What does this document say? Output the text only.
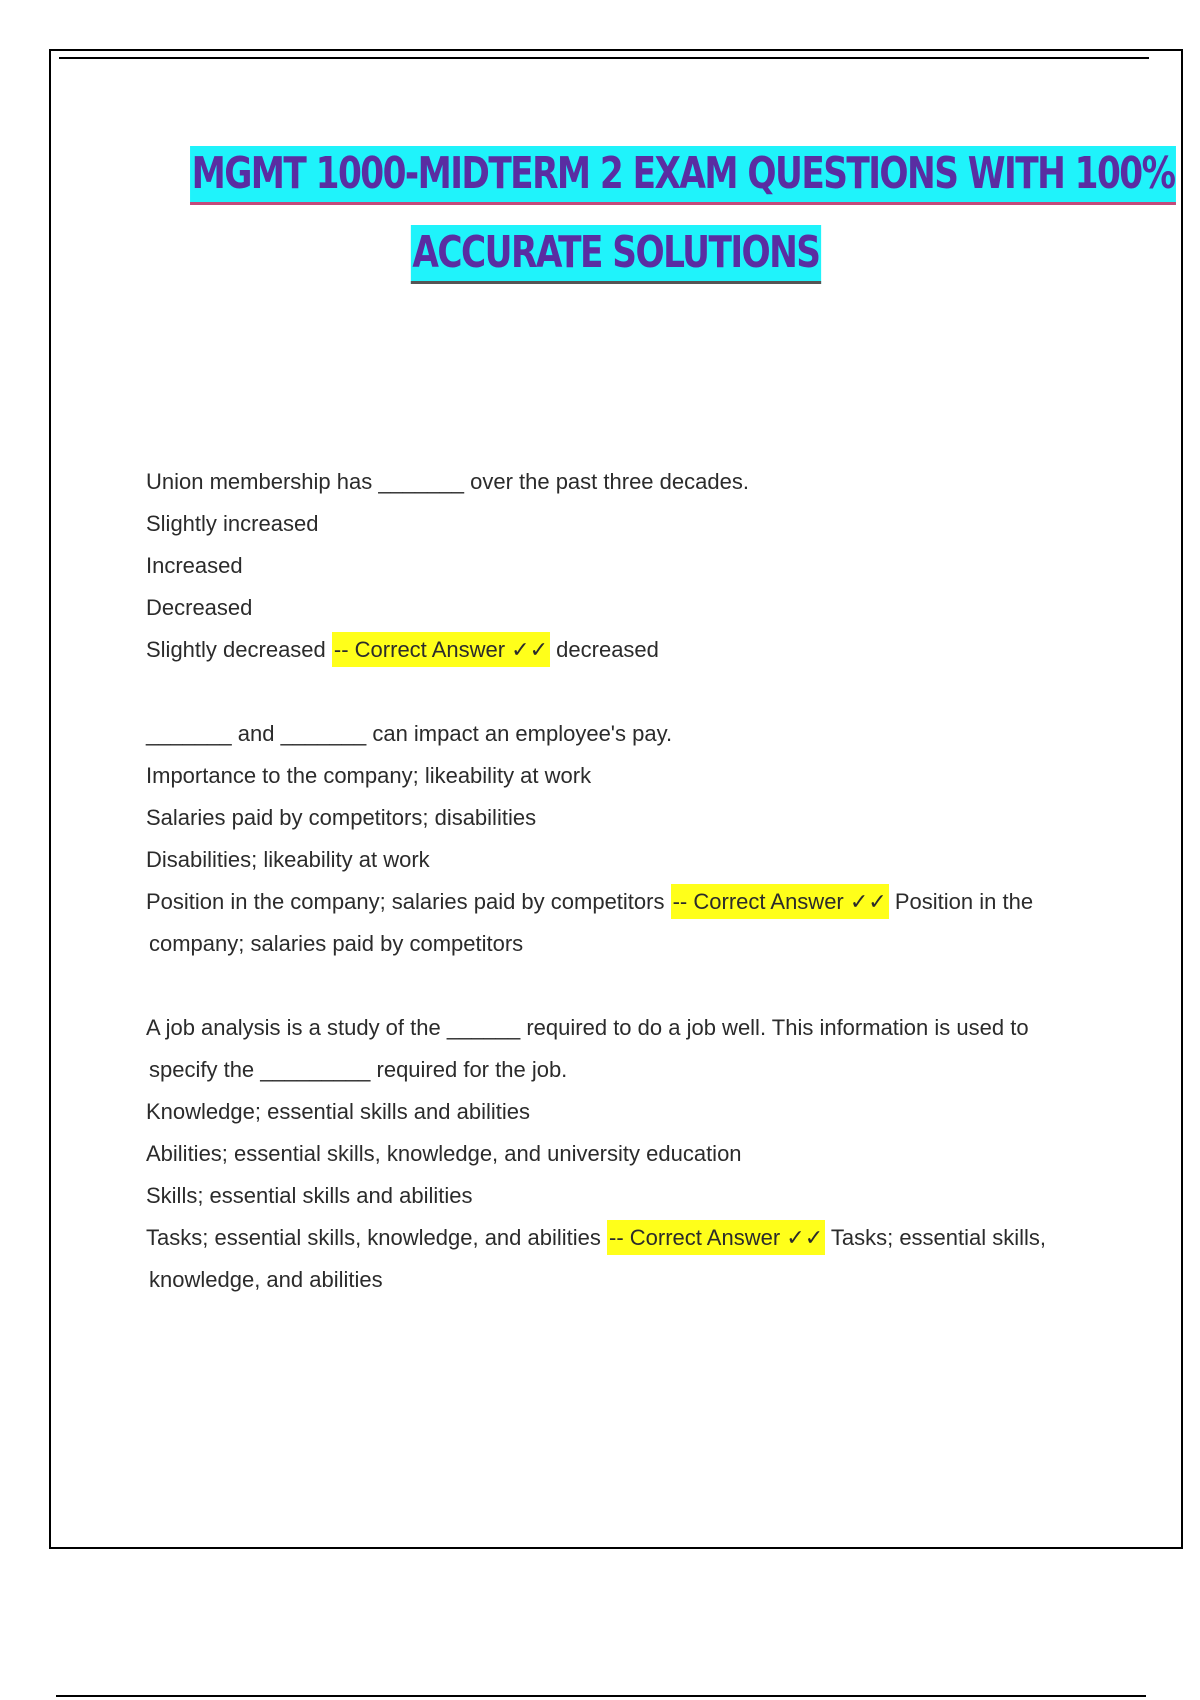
MGMT 1000-MIDTERM 2 EXAM QUESTIONS WITH 100%
ACCURATE SOLUTIONS
Union membership has _______ over the past three decades.
Slightly increased
Increased
Decreased
Slightly decreased -- Correct Answer ✓✓ decreased
_______ and _______ can impact an employee's pay.
Importance to the company; likeability at work
Salaries paid by competitors; disabilities
Disabilities; likeability at work
Position in the company; salaries paid by competitors -- Correct Answer ✓✓ Position in the
company; salaries paid by competitors
A job analysis is a study of the ______ required to do a job well. This information is used to
specify the _________ required for the job.
Knowledge; essential skills and abilities
Abilities; essential skills, knowledge, and university education
Skills; essential skills and abilities
Tasks; essential skills, knowledge, and abilities -- Correct Answer ✓✓ Tasks; essential skills,
knowledge, and abilities
